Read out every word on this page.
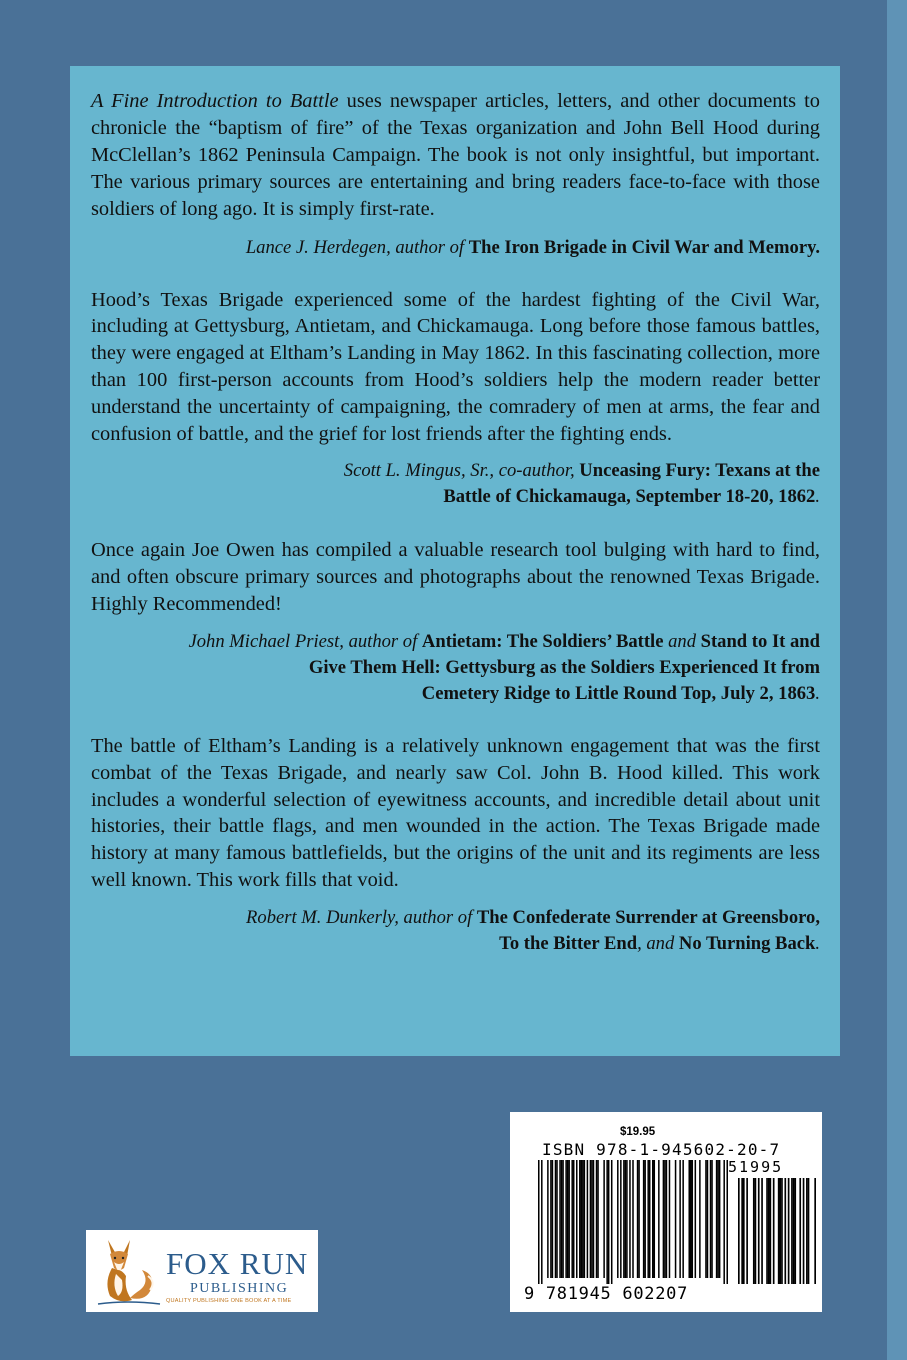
A Fine Introduction to Battle uses newspaper articles, letters, and other documents to chronicle the “baptism of fire” of the Texas organization and John Bell Hood during McClellan’s 1862 Peninsula Campaign. The book is not only insightful, but important. The various primary sources are entertaining and bring readers face-to-face with those soldiers of long ago. It is simply first-rate.

Lance J. Herdegen, author of The Iron Brigade in Civil War and Memory.

Hood’s Texas Brigade experienced some of the hardest fighting of the Civil War, including at Gettysburg, Antietam, and Chickamauga. Long before those famous battles, they were engaged at Eltham’s Landing in May 1862. In this fascinating collection, more than 100 first-person accounts from Hood’s soldiers help the modern reader better understand the uncertainty of campaigning, the comradery of men at arms, the fear and confusion of battle, and the grief for lost friends after the fighting ends.

Scott L. Mingus, Sr., co-author, Unceasing Fury: Texans at the
Battle of Chickamauga, September 18-20, 1862.

Once again Joe Owen has compiled a valuable research tool bulging with hard to find, and often obscure primary sources and photographs about the renowned Texas Brigade. Highly Recommended!

John Michael Priest, author of Antietam: The Soldiers’ Battle and Stand to It and
Give Them Hell: Gettysburg as the Soldiers Experienced It from
Cemetery Ridge to Little Round Top, July 2, 1863.

The battle of Eltham’s Landing is a relatively unknown engagement that was the first combat of the Texas Brigade, and nearly saw Col. John B. Hood killed. This work includes a wonderful selection of eyewitness accounts, and incredible detail about unit histories, their battle flags, and men wounded in the action. The Texas Brigade made history at many famous battlefields, but the origins of the unit and its regiments are less well known. This work fills that void.

Robert M. Dunkerly, author of The Confederate Surrender at Greensboro,
To the Bitter End, and No Turning Back.

$19.95
ISBN 978-1-945602-20-7
51995
9 781945 602207
FOX RUN
PUBLISHING
QUALITY PUBLISHING ONE BOOK AT A TIME
